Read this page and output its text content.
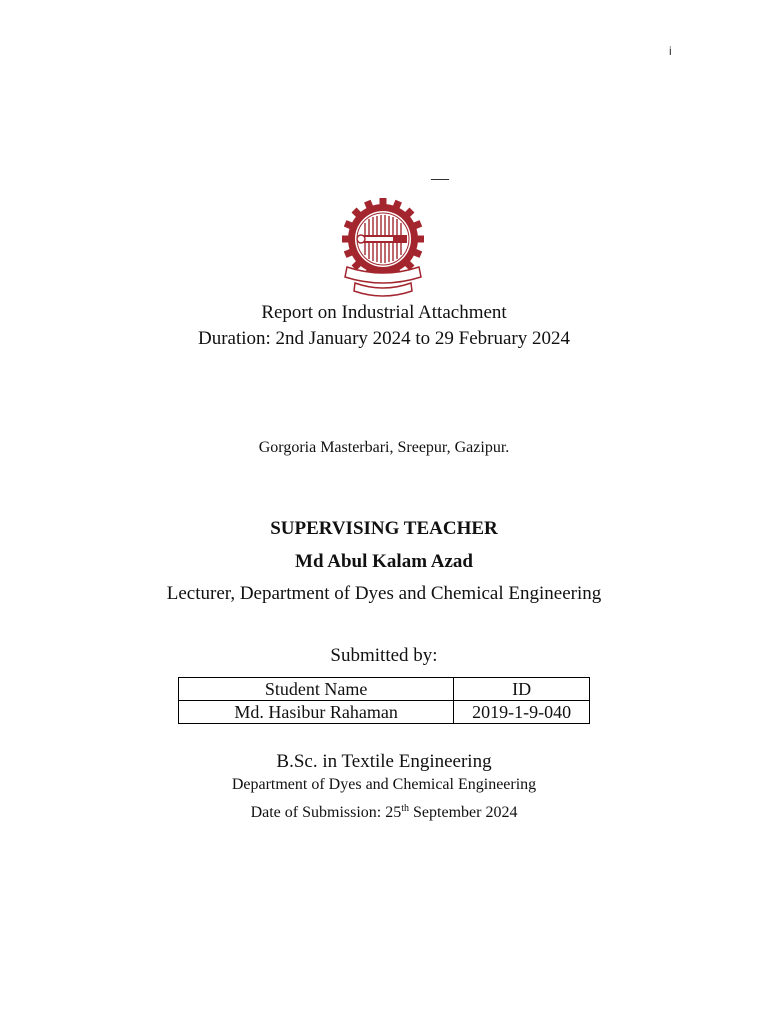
i
—
Report on Industrial Attachment
Duration: 2nd January 2024 to 29 February 2024
Gorgoria Masterbari, Sreepur, Gazipur.
SUPERVISING TEACHER
Md Abul Kalam Azad
Lecturer, Department of Dyes and Chemical Engineering
Submitted by:
Student Name	ID
Md. Hasibur Rahaman	2019-1-9-040
B.Sc. in Textile Engineering
Department of Dyes and Chemical Engineering
Date of Submission: 25th September 2024
